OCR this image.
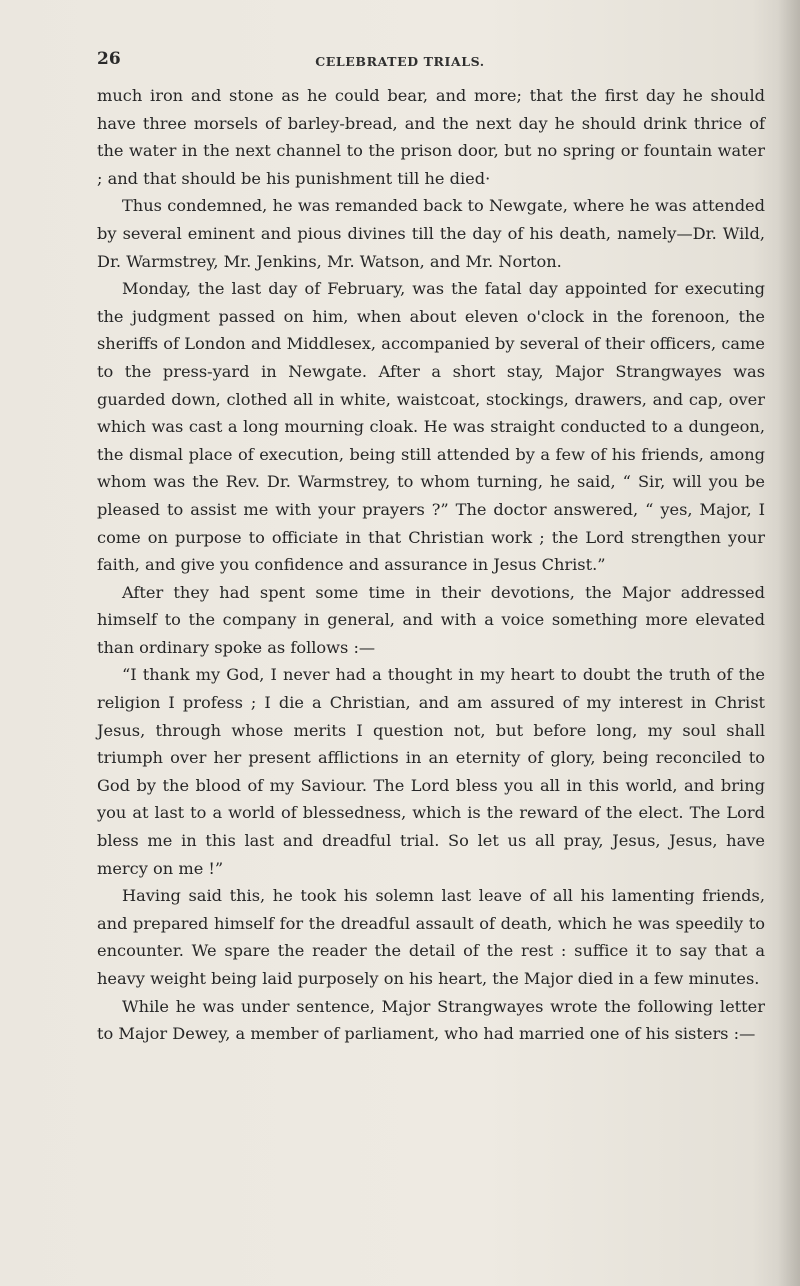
26	CELEBRATED TRIALS.

much iron and stone as he could bear, and more; that the first day he should have three morsels of barley-bread, and the next day he should drink thrice of the water in the next channel to the prison door, but no spring or fountain water ; and that should be his punishment till he died·

Thus condemned, he was remanded back to Newgate, where he was attended by several eminent and pious divines till the day of his death, namely—Dr. Wild, Dr. Warmstrey, Mr. Jenkins, Mr. Watson, and Mr. Norton.

Monday, the last day of February, was the fatal day appointed for executing the judgment passed on him, when about eleven o'clock in the forenoon, the sheriffs of London and Middlesex, accompanied by several of their officers, came to the press-yard in Newgate. After a short stay, Major Strangwayes was guarded down, clothed all in white, waistcoat, stockings, drawers, and cap, over which was cast a long mourning cloak. He was straight conducted to a dungeon, the dismal place of execution, being still attended by a few of his friends, among whom was the Rev. Dr. Warmstrey, to whom turning, he said, “ Sir, will you be pleased to assist me with your prayers ?” The doctor answered, “ yes, Major, I come on purpose to officiate in that Christian work ; the Lord strengthen your faith, and give you confidence and assurance in Jesus Christ.”

After they had spent some time in their devotions, the Major addressed himself to the company in general, and with a voice something more elevated than ordinary spoke as follows :—

“I thank my God, I never had a thought in my heart to doubt the truth of the religion I profess ; I die a Christian, and am assured of my interest in Christ Jesus, through whose merits I question not, but before long, my soul shall triumph over her present afflictions in an eternity of glory, being reconciled to God by the blood of my Saviour. The Lord bless you all in this world, and bring you at last to a world of blessedness, which is the reward of the elect. The Lord bless me in this last and dreadful trial. So let us all pray, Jesus, Jesus, have mercy on me !”

Having said this, he took his solemn last leave of all his lamenting friends, and prepared himself for the dreadful assault of death, which he was speedily to encounter. We spare the reader the detail of the rest : suffice it to say that a heavy weight being laid purposely on his heart, the Major died in a few minutes.

While he was under sentence, Major Strangwayes wrote the following letter to Major Dewey, a member of parliament, who had married one of his sisters :—
